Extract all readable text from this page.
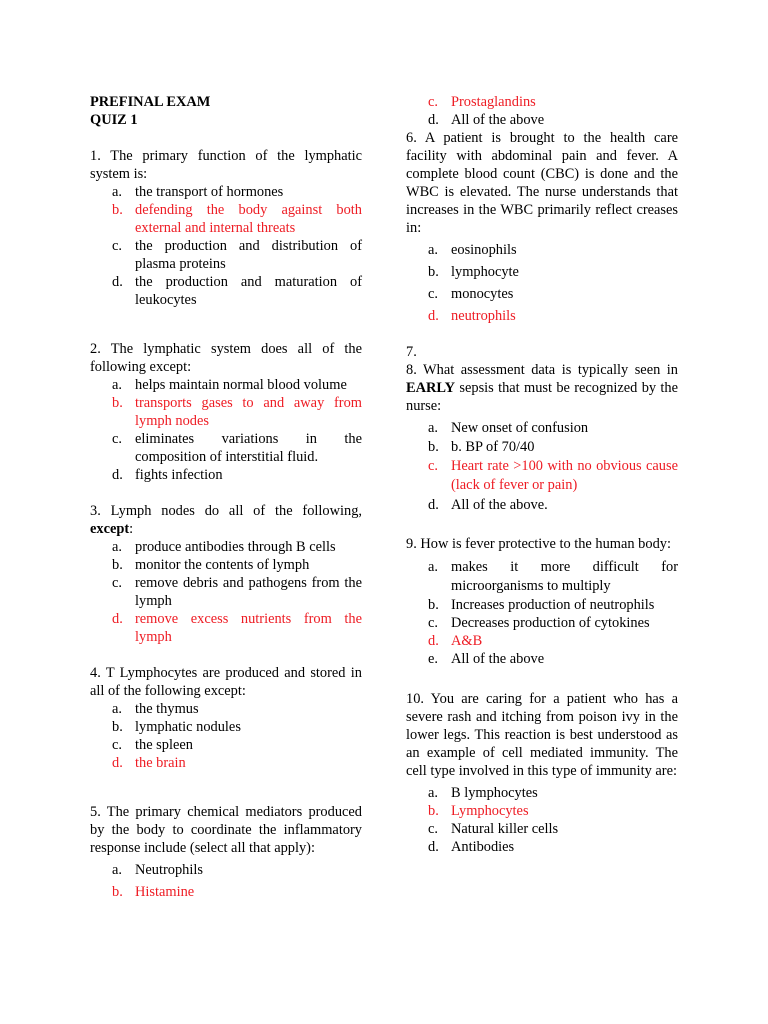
PREFINAL EXAM
QUIZ 1

1. The primary function of the lymphatic system is:

a. the transport of hormones
b. defending the body against both external and internal threats
c. the production and distribution of plasma proteins
d. the production and maturation of leukocytes

2. The lymphatic system does all of the following except:

a. helps maintain normal blood volume
b. transports gases to and away from lymph nodes
c. eliminates variations in the composition of interstitial fluid.
d. fights infection

3. Lymph nodes do all of the following, except:

a. produce antibodies through B cells
b. monitor the contents of lymph
c. remove debris and pathogens from the lymph
d. remove excess nutrients from the lymph

4. T Lymphocytes are produced and stored in all of the following except:

a. the thymus
b. lymphatic nodules
c. the spleen
d. the brain

5. The primary chemical mediators produced by the body to coordinate the inflammatory response include (select all that apply):

a. Neutrophils
b. Histamine
c. Prostaglandins
d. All of the above

6. A patient is brought to the health care facility with abdominal pain and fever. A complete blood count (CBC) is done and the WBC is elevated. The nurse understands that increases in the WBC primarily reflect creases in:

a. eosinophils
b. lymphocyte
c. monocytes
d. neutrophils

7.

8. What assessment data is typically seen in EARLY sepsis that must be recognized by the nurse:

a. New onset of confusion
b. b. BP of 70/40
c. Heart rate >100 with no obvious cause (lack of fever or pain)
d. All of the above.

9. How is fever protective to the human body:

a. makes it more difficult for microorganisms to multiply
b. Increases production of neutrophils
c. Decreases production of cytokines
d. A&B
e. All of the above

10. You are caring for a patient who has a severe rash and itching from poison ivy in the lower legs. This reaction is best understood as an example of cell mediated immunity. The cell type involved in this type of immunity are:

a. B lymphocytes
b. Lymphocytes
c. Natural killer cells
d. Antibodies
